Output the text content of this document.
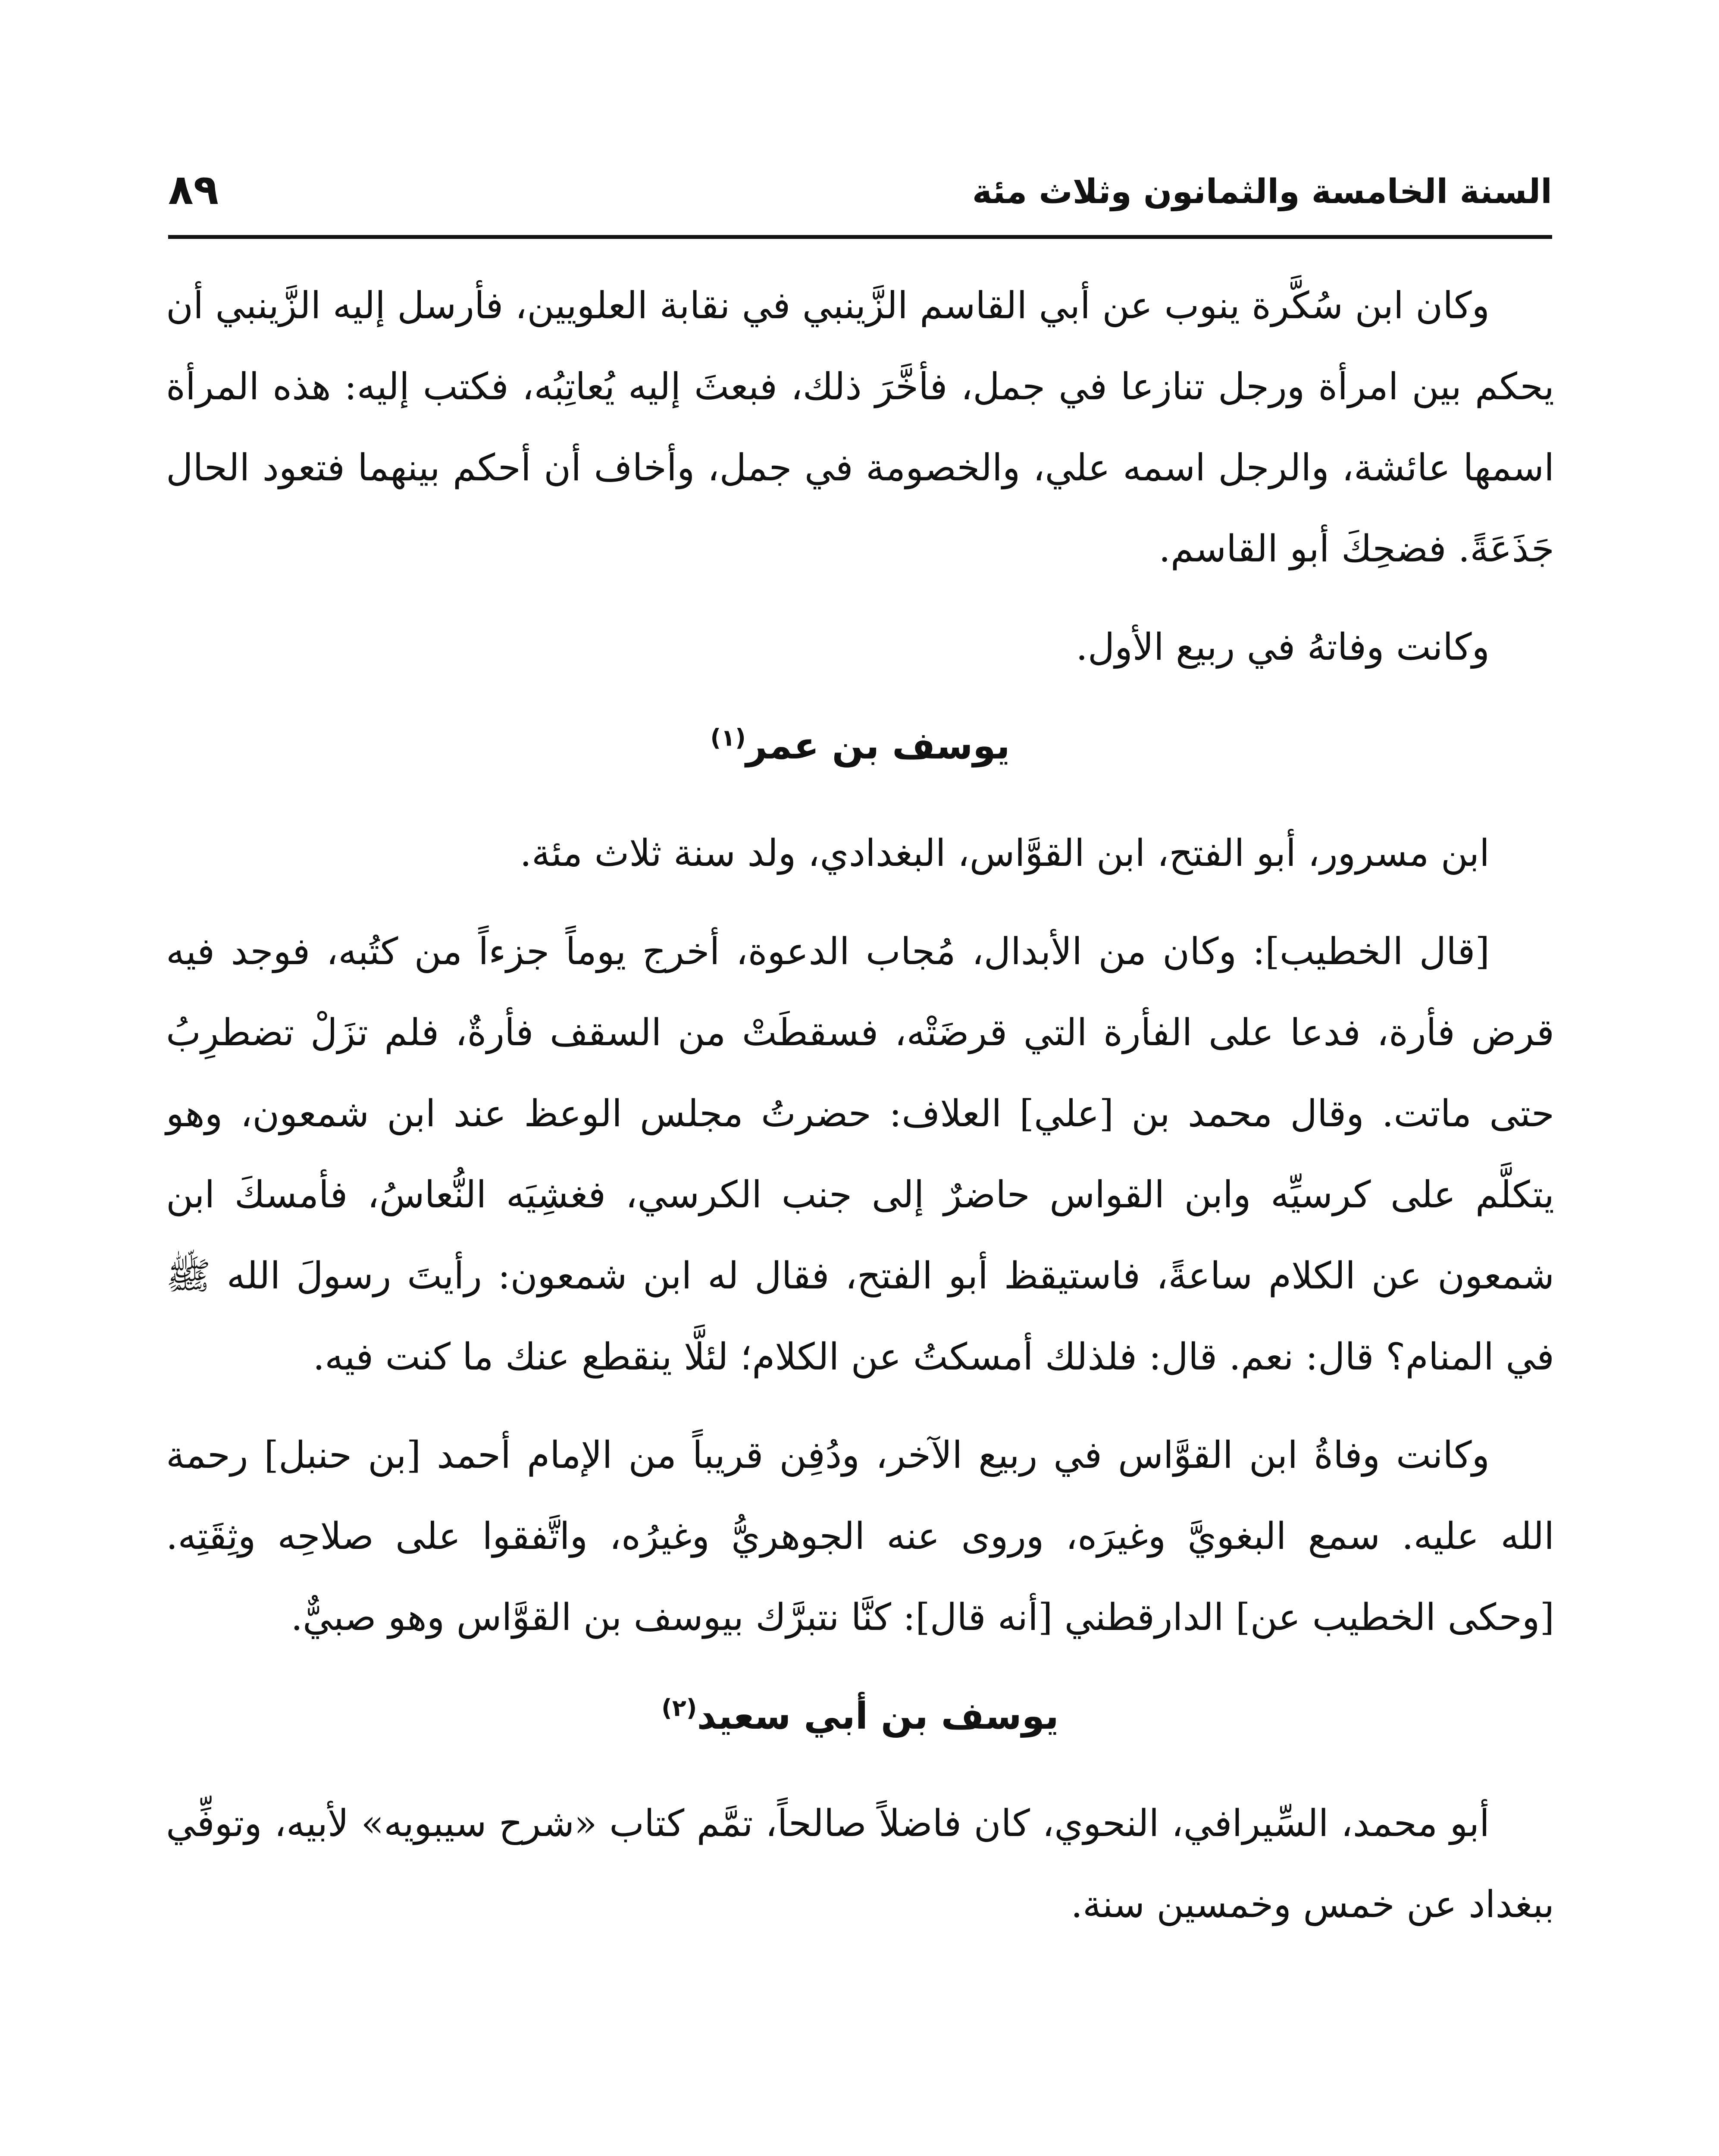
السنة الخامسة والثمانون وثلاث مئة
٨٩

وكان ابن سُكَّرة ينوب عن أبي القاسم الزَّينبي في نقابة العلويين، فأرسل إليه الزَّينبي أن يحكم بين امرأة ورجل تنازعا في جمل، فأخَّرَ ذلك، فبعثَ إليه يُعاتِبُه، فكتب إليه: هذه المرأة اسمها عائشة، والرجل اسمه علي، والخصومة في جمل، وأخاف أن أحكم بينهما فتعود الحال جَذَعَةً. فضحِكَ أبو القاسم.

وكانت وفاتهُ في ربيع الأول.

يوسف بن عمر$^{(١)}$

ابن مسرور، أبو الفتح، ابن القوَّاس، البغدادي، ولد سنة ثلاث مئة.

[قال الخطيب]: وكان من الأبدال، مُجاب الدعوة، أخرج يوماً جزءاً من كتُبه، فوجد فيه قرض فأرة، فدعا على الفأرة التي قرضَتْه، فسقطَتْ من السقف فأرةٌ، فلم تزَلْ تضطرِبُ حتى ماتت. وقال محمد بن [علي] العلاف: حضرتُ مجلس الوعظ عند ابن شمعون، وهو يتكلَّم على كرسيِّه وابن القواس حاضرٌ إلى جنب الكرسي، فغشِيَه النُّعاسُ، فأمسكَ ابن شمعون عن الكلام ساعةً، فاستيقظ أبو الفتح، فقال له ابن شمعون: رأيتَ رسولَ الله ﷺ في المنام؟ قال: نعم. قال: فلذلك أمسكتُ عن الكلام؛ لئلَّا ينقطع عنك ما كنت فيه.

وكانت وفاةُ ابن القوَّاس في ربيع الآخر، ودُفِن قريباً من الإمام أحمد [بن حنبل] رحمة الله عليه. سمع البغويَّ وغيرَه، وروى عنه الجوهريُّ وغيرُه، واتَّفقوا على صلاحِه وثِقَتِه. [وحكى الخطيب عن] الدارقطني [أنه قال]: كنَّا نتبرَّك بيوسف بن القوَّاس وهو صبيٌّ.

يوسف بن أبي سعيد$^{(٢)}$

أبو محمد، السِّيرافي، النحوي، كان فاضلاً صالحاً، تمَّم كتاب «شرح سيبويه» لأبيه، وتوفِّي ببغداد عن خمس وخمسين سنة.
